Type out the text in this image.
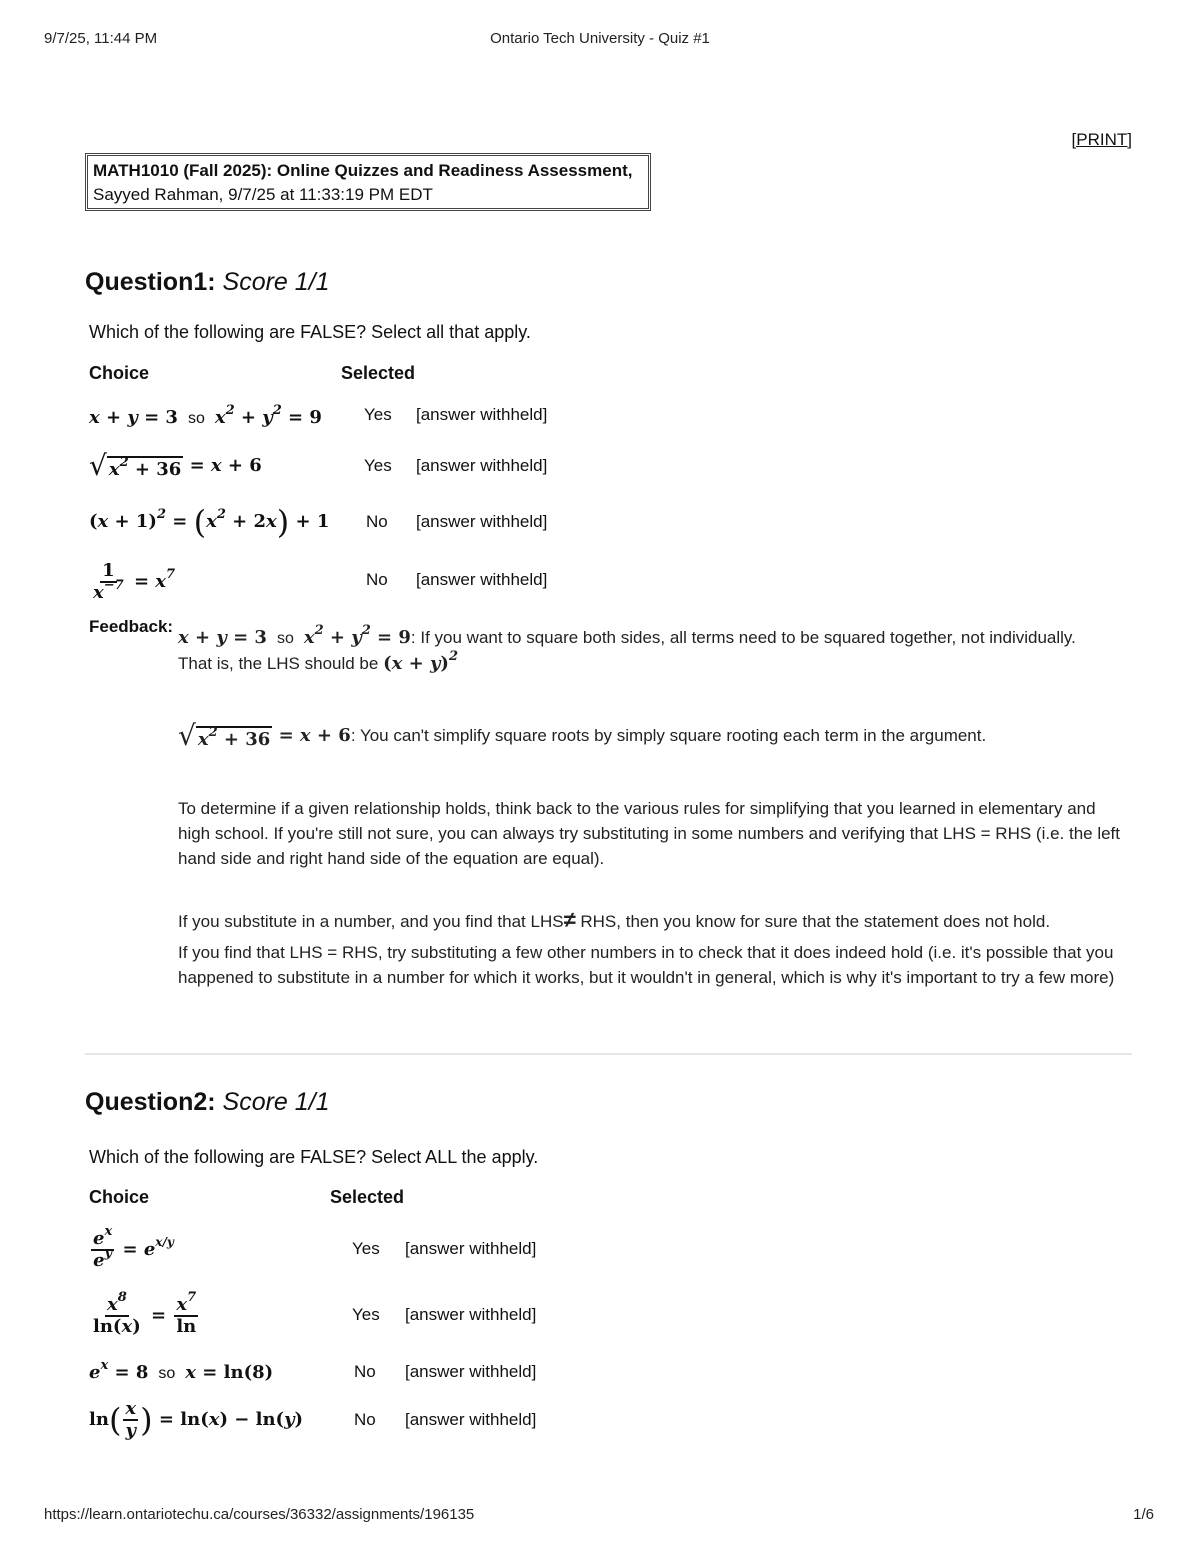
9/7/25, 11:44 PM	Ontario Tech University - Quiz #1
[PRINT]
MATH1010 (Fall 2025): Online Quizzes and Readiness Assessment,
Sayyed Rahman, 9/7/25 at 11:33:19 PM EDT
Question1: Score 1/1
Which of the following are FALSE? Select all that apply.
Choice	Selected
x + y = 3 so $x^2 + y^2 = 9$ Yes [answer withheld]
√ $x^2 + 36 = x + 6$	Yes [answer withheld]
$(x + 1)^2 = (x^2 + 2x) + 1$ No [answer withheld]
$\frac{1}{x^{-7}} = x^7$	No [answer withheld]
Feedback:
x + y = 3 so $x^2 + y^2 = 9$: If you want to square both sides, all terms need to be squared together, not individually.
That is, the LHS should be $(x + y)^2$
√ $x^2 + 36 = x + 6$: You can't simplify square roots by simply square rooting each term in the argument.
To determine if a given relationship holds, think back to the various rules for simplifying that you learned in elementary and high school. If you're still not sure, you can always try substituting in some numbers and verifying that LHS = RHS (i.e. the left hand side and right hand side of the equation are equal).
If you substitute in a number, and you find that LHS≠ RHS, then you know for sure that the statement does not hold.
If you find that LHS = RHS, try substituting a few other numbers in to check that it does indeed hold (i.e. it's possible that you happened to substitute in a number for which it works, but it wouldn't in general, which is why it's important to try a few more)
Question2: Score 1/1
Which of the following are FALSE? Select ALL the apply.
Choice	Selected
$\frac{e^x}{e^y} = e^{x/y}$	Yes [answer withheld]
$\frac{x^8}{\ln(x)} = \frac{x^7}{\ln}$	Yes [answer withheld]
$e^x = 8$ so x = ln(8)	No [answer withheld]
$\ln( \frac{x}{y}$ ) = ln(x) − ln(y)	No [answer withheld]
https://learn.ontariotechu.ca/courses/36332/assignments/196135	1/6
